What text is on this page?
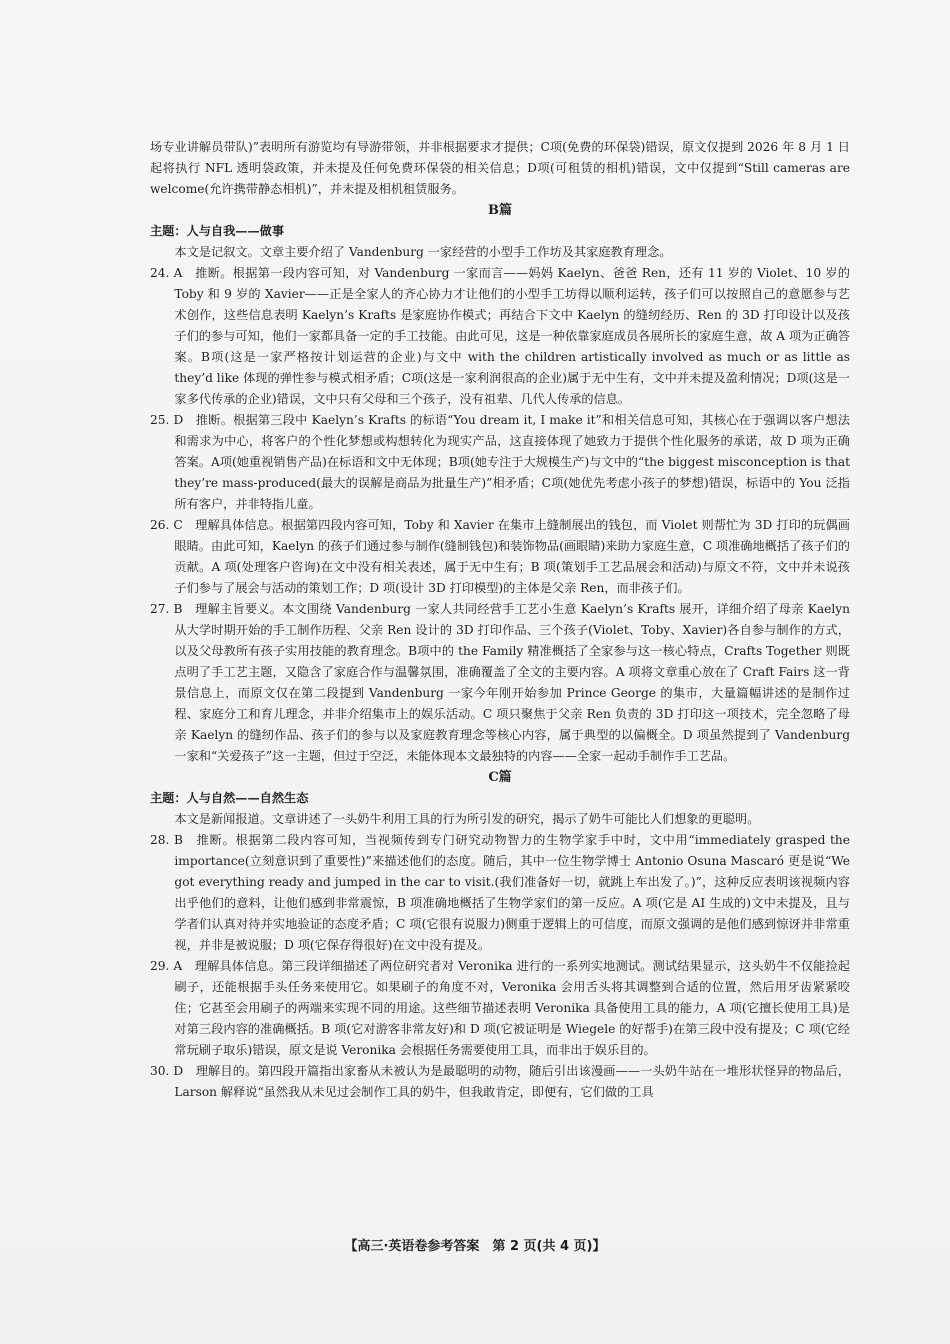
场专业讲解员带队)”表明所有游览均有导游带领，并非根据要求才提供；C项(免费的环保袋)错误，原文仅提到 2026 年 8 月 1 日起将执行 NFL 透明袋政策，并未提及任何免费环保袋的相关信息；D项(可租赁的相机)错误，文中仅提到“Still cameras are welcome(允许携带静态相机)”，并未提及相机租赁服务。

B篇

主题：人与自我——做事

本文是记叙文。文章主要介绍了 Vandenburg 一家经营的小型手工作坊及其家庭教育理念。

24. A　推断。根据第一段内容可知，对 Vandenburg 一家而言——妈妈 Kaelyn、爸爸 Ren，还有 11 岁的 Violet、10 岁的 Toby 和 9 岁的 Xavier——正是全家人的齐心协力才让他们的小型手工坊得以顺利运转，孩子们可以按照自己的意愿参与艺术创作，这些信息表明 Kaelyn’s Krafts 是家庭协作模式；再结合下文中 Kaelyn 的缝纫经历、Ren 的 3D 打印设计以及孩子们的参与可知，他们一家都具备一定的手工技能。由此可见，这是一种依靠家庭成员各展所长的家庭生意，故 A 项为正确答案。B项(这是一家严格按计划运营的企业)与文中 with the children artistically involved as much or as little as they’d like 体现的弹性参与模式相矛盾；C项(这是一家利润很高的企业)属于无中生有，文中并未提及盈利情况；D项(这是一家多代传承的企业)错误，文中只有父母和三个孩子，没有祖辈、几代人传承的信息。

25. D　推断。根据第三段中 Kaelyn’s Krafts 的标语“You dream it, I make it”和相关信息可知，其核心在于强调以客户想法和需求为中心，将客户的个性化梦想或构想转化为现实产品，这直接体现了她致力于提供个性化服务的承诺，故 D 项为正确答案。A项(她重视销售产品)在标语和文中无体现；B项(她专注于大规模生产)与文中的“the biggest misconception is that they’re mass-produced(最大的误解是商品为批量生产)”相矛盾；C项(她优先考虑小孩子的梦想)错误，标语中的 You 泛指所有客户，并非特指儿童。

26. C　理解具体信息。根据第四段内容可知，Toby 和 Xavier 在集市上缝制展出的钱包，而 Violet 则帮忙为 3D 打印的玩偶画眼睛。由此可知，Kaelyn 的孩子们通过参与制作(缝制钱包)和装饰物品(画眼睛)来助力家庭生意，C 项准确地概括了孩子们的贡献。A 项(处理客户咨询)在文中没有相关表述，属于无中生有；B 项(策划手工艺品展会和活动)与原文不符，文中并未说孩子们参与了展会与活动的策划工作；D 项(设计 3D 打印模型)的主体是父亲 Ren，而非孩子们。

27. B　理解主旨要义。本文围绕 Vandenburg 一家人共同经营手工艺小生意 Kaelyn’s Krafts 展开，详细介绍了母亲 Kaelyn 从大学时期开始的手工制作历程、父亲 Ren 设计的 3D 打印作品、三个孩子(Violet、Toby、Xavier)各自参与制作的方式，以及父母教所有孩子实用技能的教育理念。B项中的 the Family 精准概括了全家参与这一核心特点，Crafts Together 则既点明了手工艺主题，又隐含了家庭合作与温馨氛围，准确覆盖了全文的主要内容。A 项将文章重心放在了 Craft Fairs 这一背景信息上，而原文仅在第二段提到 Vandenburg 一家今年刚开始参加 Prince George 的集市，大量篇幅讲述的是制作过程、家庭分工和育儿理念，并非介绍集市上的娱乐活动。C 项只聚焦于父亲 Ren 负责的 3D 打印这一项技术，完全忽略了母亲 Kaelyn 的缝纫作品、孩子们的参与以及家庭教育理念等核心内容，属于典型的以偏概全。D 项虽然提到了 Vandenburg 一家和“关爱孩子”这一主题，但过于空泛，未能体现本文最独特的内容——全家一起动手制作手工艺品。

C篇

主题：人与自然——自然生态

本文是新闻报道。文章讲述了一头奶牛利用工具的行为所引发的研究，揭示了奶牛可能比人们想象的更聪明。

28. B　推断。根据第二段内容可知，当视频传到专门研究动物智力的生物学家手中时，文中用“immediately grasped the importance(立刻意识到了重要性)”来描述他们的态度。随后，其中一位生物学博士 Antonio Osuna Mascaró 更是说“We got everything ready and jumped in the car to visit.(我们准备好一切，就跳上车出发了。)”，这种反应表明该视频内容出乎他们的意料，让他们感到非常震惊，B 项准确地概括了生物学家们的第一反应。A 项(它是 AI 生成的)文中未提及，且与学者们认真对待并实地验证的态度矛盾；C 项(它很有说服力)侧重于逻辑上的可信度，而原文强调的是他们感到惊讶并非常重视，并非是被说服；D 项(它保存得很好)在文中没有提及。

29. A　理解具体信息。第三段详细描述了两位研究者对 Veronika 进行的一系列实地测试。测试结果显示，这头奶牛不仅能捡起刷子，还能根据手头任务来使用它。如果刷子的角度不对，Veronika 会用舌头将其调整到合适的位置，然后用牙齿紧紧咬住；它甚至会用刷子的两端来实现不同的用途。这些细节描述表明 Veronika 具备使用工具的能力，A 项(它擅长使用工具)是对第三段内容的准确概括。B 项(它对游客非常友好)和 D 项(它被证明是 Wiegele 的好帮手)在第三段中没有提及；C 项(它经常玩刷子取乐)错误，原文是说 Veronika 会根据任务需要使用工具，而非出于娱乐目的。

30. D　理解目的。第四段开篇指出家畜从未被认为是最聪明的动物，随后引出该漫画——一头奶牛站在一堆形状怪异的物品后，Larson 解释说“虽然我从未见过会制作工具的奶牛，但我敢肯定，即便有，它们做的工具

【高三·英语卷参考答案　第 2 页(共 4 页)】
